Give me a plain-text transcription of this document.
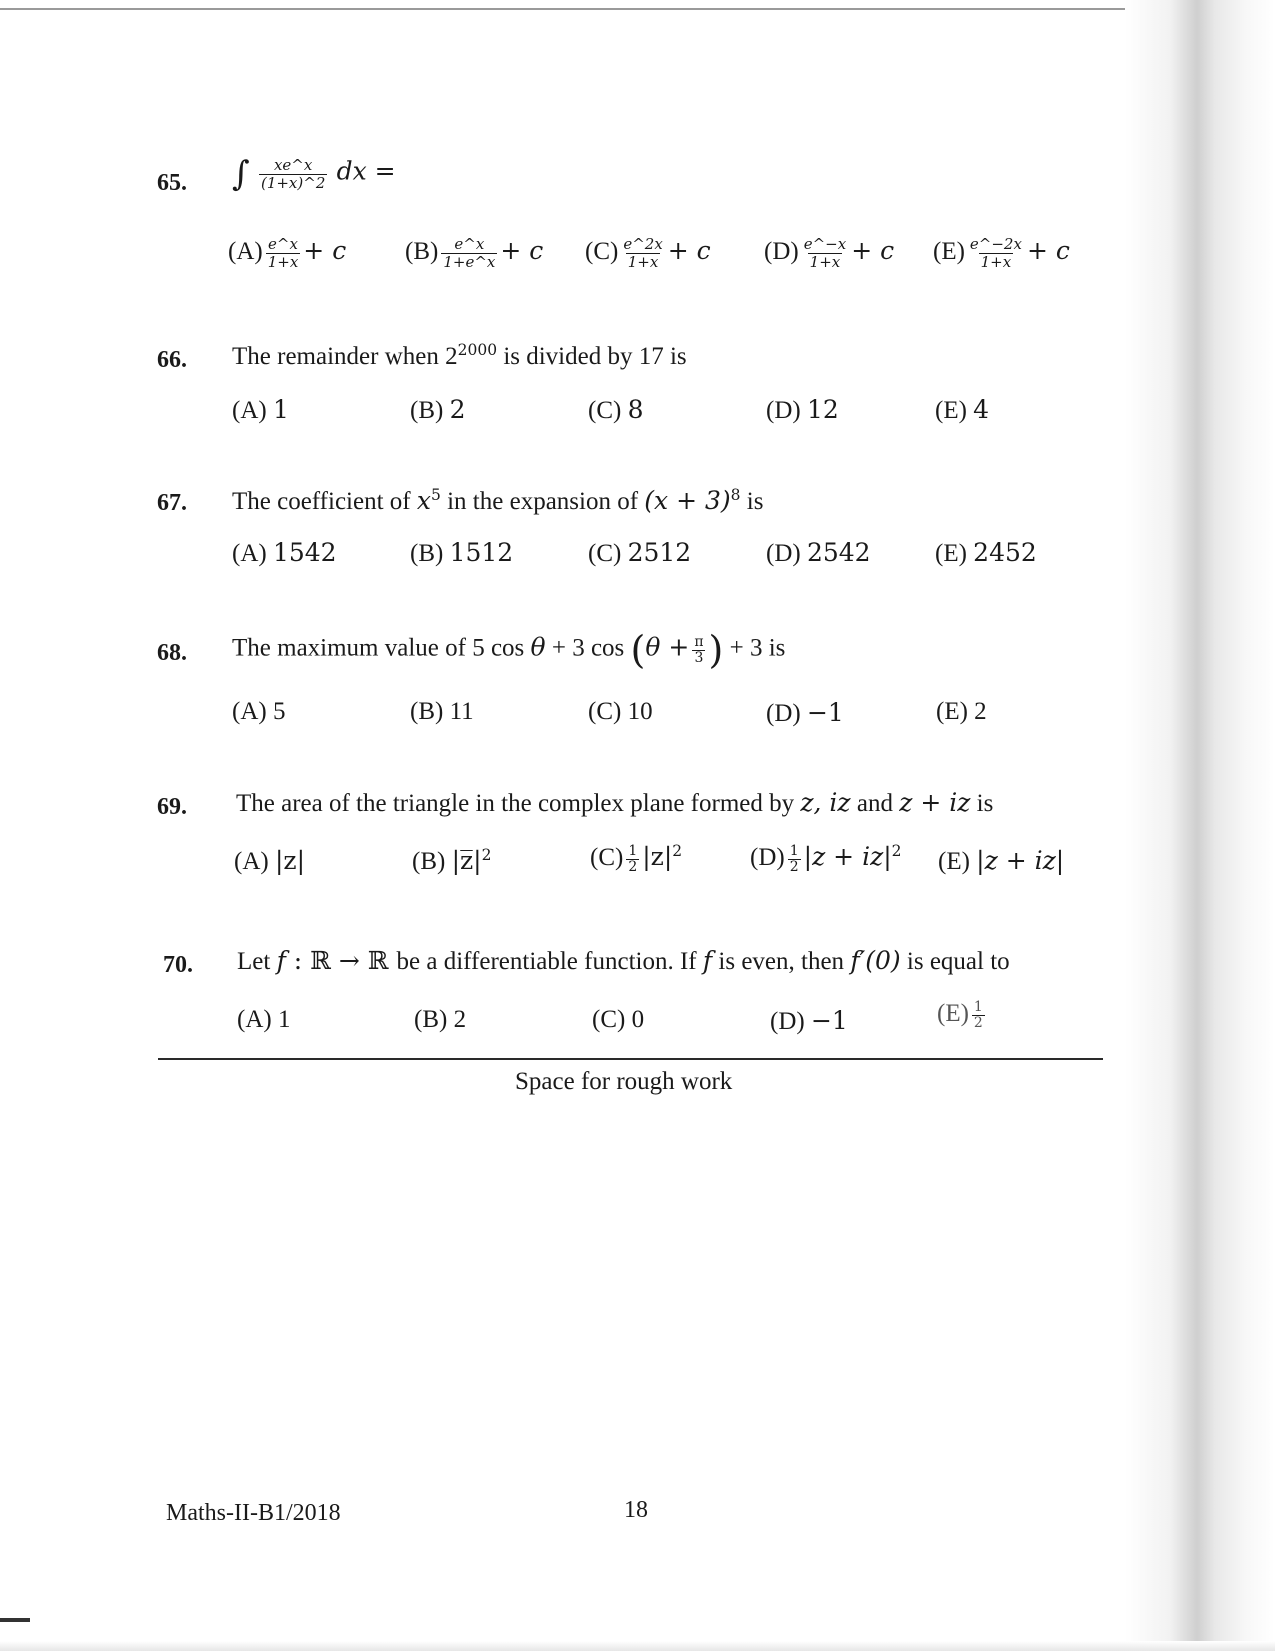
65. ∫ $\frac{xe\^{}x}{(1+x)\^{}2}$ dx =
$(A) \frac{e\^{}x}{1+x} + c$ $(B) \frac{e\^{}x}{1+e\^{}x} + c$ $(C) \frac{e\^{}2x}{1+x} + c$ $(D) \frac{e\^{}-x}{1+x} + c$ $(E) \frac{e\^{}-2x}{1+x} + c$
66. The remainder when $2^{2000}$ is divided by 17 is
(A) 1	(B) 2	(C) 8	(D) 12	(E) 4
67. The coefficient of $x^5$ in the expansion of $(x + 3)^8$ is
(A) 1542	(B) 1512	(C) 2512	(D) 2542	(E) 2452
68. The maximum value of 5 cos θ + 3 $\cos (\theta + \frac{\pi}{3}$ ) + 3 is
(A) 5	(B) 11	(C) 10	(D) −1	(E) 2
69. The area of the triangle in the complex plane formed by z, iz and z + iz is
(A) |z|	(B) $|z̅|^2$	$(C) \frac{1}{2} |z|^2$	$(D) \frac{1}{2} |z + iz|^2$ (E) |z + iz|
70. Let f : ℝ → ℝ be a differentiable function. If f is even, then f′(0) is equal to
(A) 1	(B) 2	(C) 0	(D) −1	$(E) \frac{1}{2}$
Space for rough work
Maths-II-B1/2018	18
